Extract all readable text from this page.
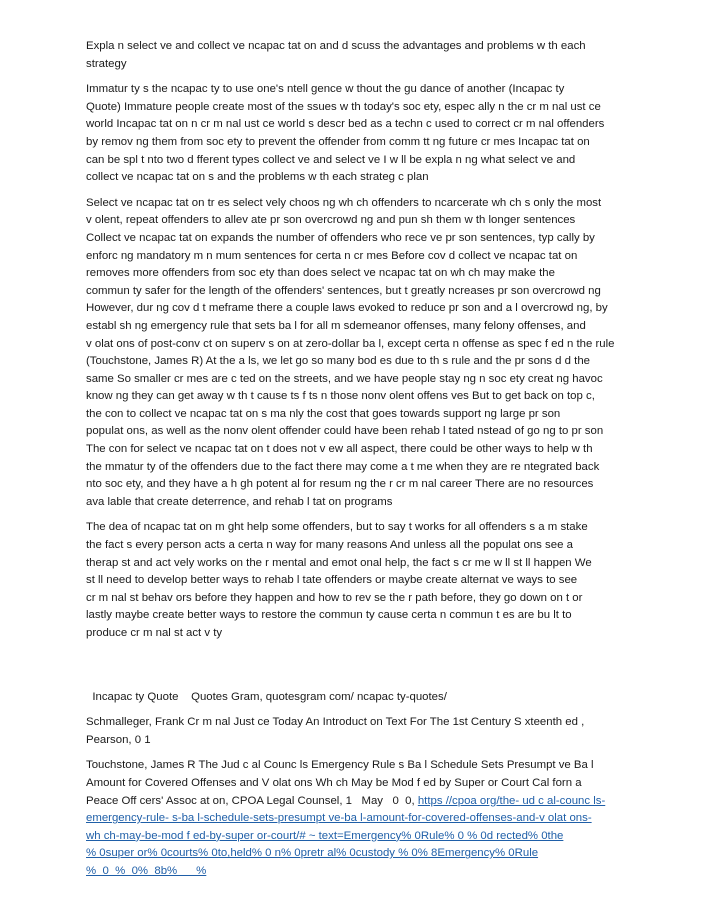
Expla n select ve and collect ve ncapac tat on and d scuss the advantages and problems w th each
strategy

Immatur ty s the ncapac ty to use one's ntell gence w thout the gu dance of another (Incapac ty
Quote) Immature people create most of the ssues w th today's soc ety, espec ally n the cr m nal ust ce
world Incapac tat on n cr m nal ust ce world s descr bed as a techn c used to correct cr m nal offenders
by remov ng them from soc ety to prevent the offender from comm tt ng future cr mes Incapac tat on
can be spl t nto two d fferent types collect ve and select ve I w ll be expla n ng what select ve and
collect ve ncapac tat on s and the problems w th each strateg c plan

Select ve ncapac tat on tr es select vely choos ng wh ch offenders to ncarcerate wh ch s only the most
v olent, repeat offenders to allev ate pr son overcrowd ng and pun sh them w th longer sentences
Collect ve ncapac tat on expands the number of offenders who rece ve pr son sentences, typ cally by
enforc ng mandatory m n mum sentences for certa n cr mes Before cov d collect ve ncapac tat on
removes more offenders from soc ety than does select ve ncapac tat on wh ch may make the
commun ty safer for the length of the offenders' sentences, but t greatly ncreases pr son overcrowd ng
However, dur ng cov d t meframe there a couple laws evoked to reduce pr son and a l overcrowd ng, by
establ sh ng emergency rule that sets ba l for all m sdemeanor offenses, many felony offenses, and
v olat ons of post-conv ct on superv s on at zero-dollar ba l, except certa n offense as spec f ed n the rule
(Touchstone, James R) At the a ls, we let go so many bod es due to th s rule and the pr sons d d the
same So smaller cr mes are c ted on the streets, and we have people stay ng n soc ety creat ng havoc
know ng they can get away w th t cause ts f ts n those nonv olent offens ves But to get back on top c,
the con to collect ve ncapac tat on s ma nly the cost that goes towards support ng large pr son
populat ons, as well as the nonv olent offender could have been rehab l tated nstead of go ng to pr son
The con for select ve ncapac tat on t does not v ew all aspect, there could be other ways to help w th
the mmatur ty of the offenders due to the fact there may come a t me when they are re ntegrated back
nto soc ety, and they have a h gh potent al for resum ng the r cr m nal career There are no resources
ava lable that create deterrence, and rehab l tat on programs

The dea of ncapac tat on m ght help some offenders, but to say t works for all offenders s a m stake
the fact s every person acts a certa n way for many reasons And unless all the populat ons see a
therap st and act vely works on the r mental and emot onal help, the fact s cr me w ll st ll happen We
st ll need to develop better ways to rehab l tate offenders or maybe create alternat ve ways to see
cr m nal st behav ors before they happen and how to rev se the r path before, they go down on t or
lastly maybe create better ways to restore the commun ty cause certa n commun t es are bu lt to
produce cr m nal st act v ty

Incapac ty Quote    Quotes Gram, quotesgram com/ ncapac ty-quotes/

Schmalleger, Frank Cr m nal Just ce Today An Introduct on Text For The 1st Century S xteenth ed ,
Pearson, 0 1

Touchstone, James R The Jud c al Counc ls Emergency Rule s Ba l Schedule Sets Presumpt ve Ba l
Amount for Covered Offenses and V olat ons Wh ch May be Mod f ed by Super or Court Cal forn a
Peace Off cers' Assoc at on, CPOA Legal Counsel, 1   May   0  0, https //cpoa org/the- ud c al-counc ls-
emergency-rule- s-ba l-schedule-sets-presumpt ve-ba l-amount-for-covered-offenses-and-v olat ons-
wh ch-may-be-mod f ed-by-super or-court/# ~ text=Emergency% 0Rule% 0 % 0d rected% 0the
% 0super or% 0courts% 0to,held% 0 n% 0pretr al% 0custody % 0% 8Emergency% 0Rule
%  0  %  0%  8b%      %
